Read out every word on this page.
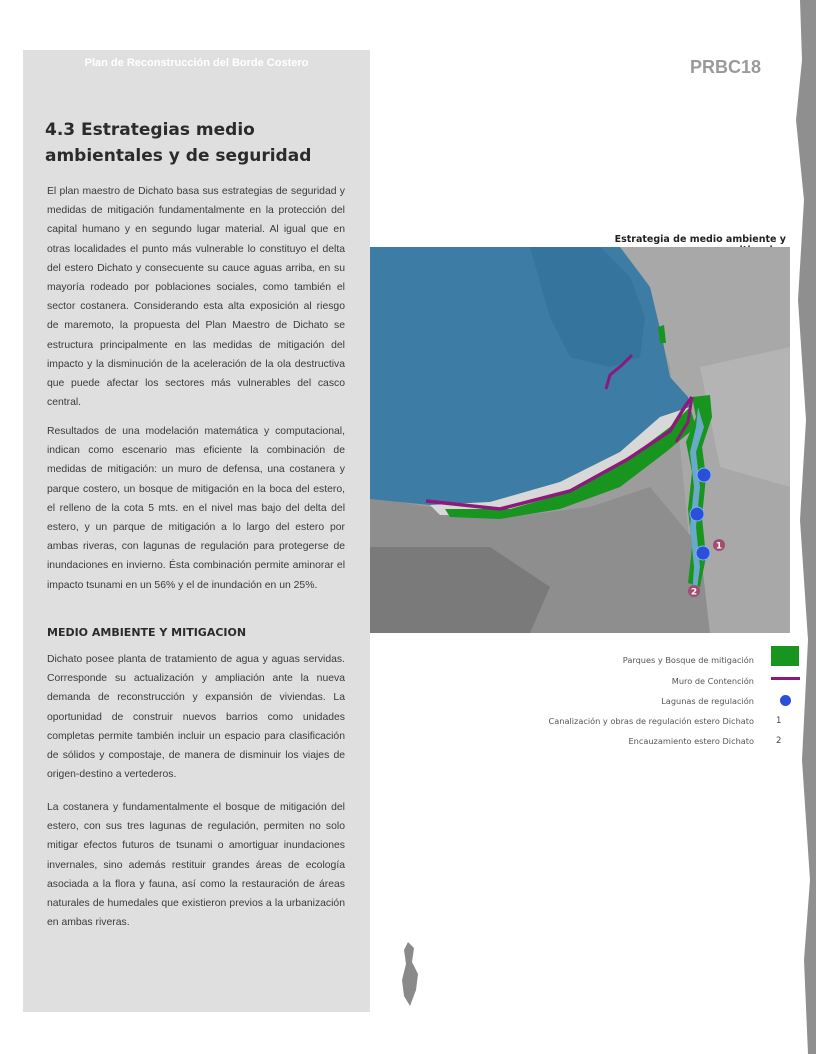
Plan de Reconstrucción del Borde Costero
4.3 Estrategias medio
ambientales y de seguridad

El plan maestro de Dichato basa sus estrategias de seguridad y medidas de mitigación fundamentalmente en la protección del capital humano y en segundo lugar material. Al igual que en otras localidades el punto más vulnerable lo constituyo el delta del estero Dichato y consecuente su cauce aguas arriba, en su mayoría rodeado por poblaciones sociales, como también el sector costanera. Considerando esta alta exposición al riesgo de maremoto, la propuesta del Plan Maestro de Dichato se estructura principalmente en las medidas de mitigación del impacto y la disminución de la aceleración de la ola destructiva que puede afectar los sectores más vulnerables del casco central.

Resultados de una modelación matemática y computacional, indican como escenario mas eficiente la combinación de medidas de mitigación: un muro de defensa, una costanera y parque costero, un bosque de mitigación en la boca del estero, el relleno de la cota 5 mts. en el nivel mas bajo del delta del estero, y un parque de mitigación a lo largo del estero por ambas riveras, con lagunas de regulación para protegerse de inundaciones en invierno. Ésta combinación permite aminorar el impacto tsunami en un 56% y el de inundación en un 25%.

MEDIO AMBIENTE Y MITIGACION

Dichato posee planta de tratamiento de agua y aguas servidas. Corresponde su actualización y ampliación ante la nueva demanda de reconstrucción y expansión de viviendas. La oportunidad de construir nuevos barrios como unidades completas permite también incluir un espacio para clasificación de sólidos y compostaje, de manera de disminuir los viajes de origen-destino a vertederos.

La costanera y fundamentalmente el bosque de mitigación del estero, con sus tres lagunas de regulación, permiten no solo mitigar efectos futuros de tsunami o amortiguar inundaciones invernales, sino además restituir grandes áreas de ecología asociada a la flora y fauna, así como la restauración de áreas naturales de humedales que existieron previos a la urbanización en ambas riveras.

PRBC18
Estrategia de medio ambiente y
1
2
Parques y Bosque de mitigación
Muro de Contención
Lagunas de regulación
Canalización y obras de regulación estero Dichato	1
Encauzamiento estero Dichato	2
24
